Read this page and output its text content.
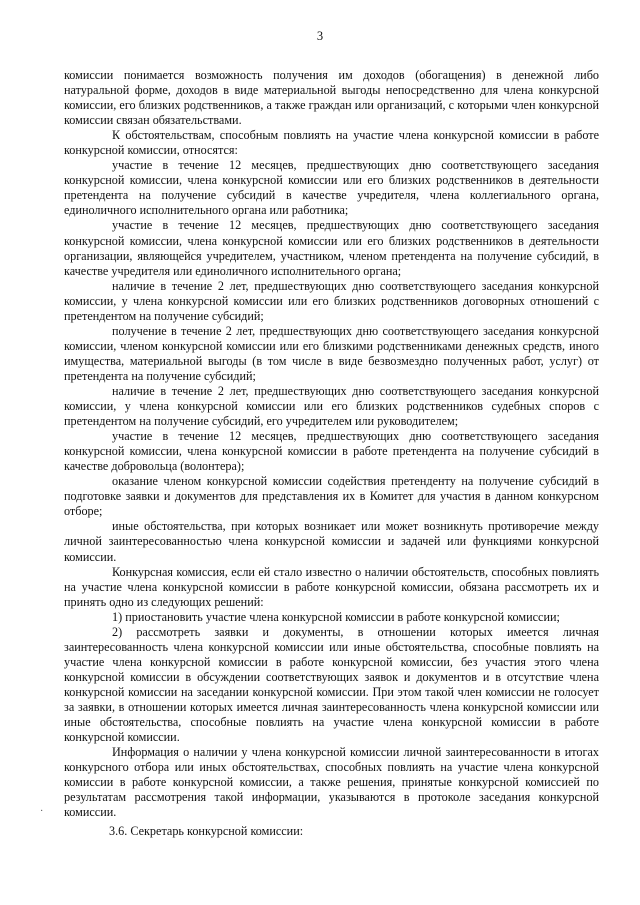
3

комиссии понимается возможность получения им доходов (обогащения) в денежной либо натуральной форме, доходов в виде материальной выгоды непосредственно для члена конкурсной комиссии, его близких родственников, а также граждан или организаций, с которыми член конкурсной комиссии связан обязательствами.

К обстоятельствам, способным повлиять на участие члена конкурсной комиссии в работе конкурсной комиссии, относятся:

участие в течение 12 месяцев, предшествующих дню соответствующего заседания конкурсной комиссии, члена конкурсной комиссии или его близких родственников в деятельности претендента на получение субсидий в качестве учредителя, члена коллегиального органа, единоличного исполнительного органа или работника;

участие в течение 12 месяцев, предшествующих дню соответствующего заседания конкурсной комиссии, члена конкурсной комиссии или его близких родственников в деятельности организации, являющейся учредителем, участником, членом претендента на получение субсидий, в качестве учредителя или единоличного исполнительного органа;

наличие в течение 2 лет, предшествующих дню соответствующего заседания конкурсной комиссии, у члена конкурсной комиссии или его близких родственников договорных отношений с претендентом на получение субсидий;

получение в течение 2 лет, предшествующих дню соответствующего заседания конкурсной комиссии, членом конкурсной комиссии или его близкими родственниками денежных средств, иного имущества, материальной выгоды (в том числе в виде безвозмездно полученных работ, услуг) от претендента на получение субсидий;

наличие в течение 2 лет, предшествующих дню соответствующего заседания конкурсной комиссии, у члена конкурсной комиссии или его близких родственников судебных споров с претендентом на получение субсидий, его учредителем или руководителем;

участие в течение 12 месяцев, предшествующих дню соответствующего заседания конкурсной комиссии, члена конкурсной комиссии в работе претендента на получение субсидий в качестве добровольца (волонтера);

оказание членом конкурсной комиссии содействия претенденту на получение субсидий в подготовке заявки и документов для представления их в Комитет для участия в данном конкурсном отборе;

иные обстоятельства, при которых возникает или может возникнуть противоречие между личной заинтересованностью члена конкурсной комиссии и задачей или функциями конкурсной комиссии.

Конкурсная комиссия, если ей стало известно о наличии обстоятельств, способных повлиять на участие члена конкурсной комиссии в работе конкурсной комиссии, обязана рассмотреть их и принять одно из следующих решений:

1) приостановить участие члена конкурсной комиссии в работе конкурсной комиссии;

2) рассмотреть заявки и документы, в отношении которых имеется личная заинтересованность члена конкурсной комиссии или иные обстоятельства, способные повлиять на участие члена конкурсной комиссии в работе конкурсной комиссии, без участия этого члена конкурсной комиссии в обсуждении соответствующих заявок и документов и в отсутствие члена конкурсной комиссии на заседании конкурсной комиссии. При этом такой член комиссии не голосует за заявки, в отношении которых имеется личная заинтересованность члена конкурсной комиссии или иные обстоятельства, способные повлиять на участие члена конкурсной комиссии в работе конкурсной комиссии.

Информация о наличии у члена конкурсной комиссии личной заинтересованности в итогах конкурсного отбора или иных обстоятельствах, способных повлиять на участие члена конкурсной комиссии в работе конкурсной комиссии, а также решения, принятые конкурсной комиссией по результатам рассмотрения такой информации, указываются в протоколе заседания конкурсной комиссии.

3.6. Секретарь конкурсной комиссии:

·
